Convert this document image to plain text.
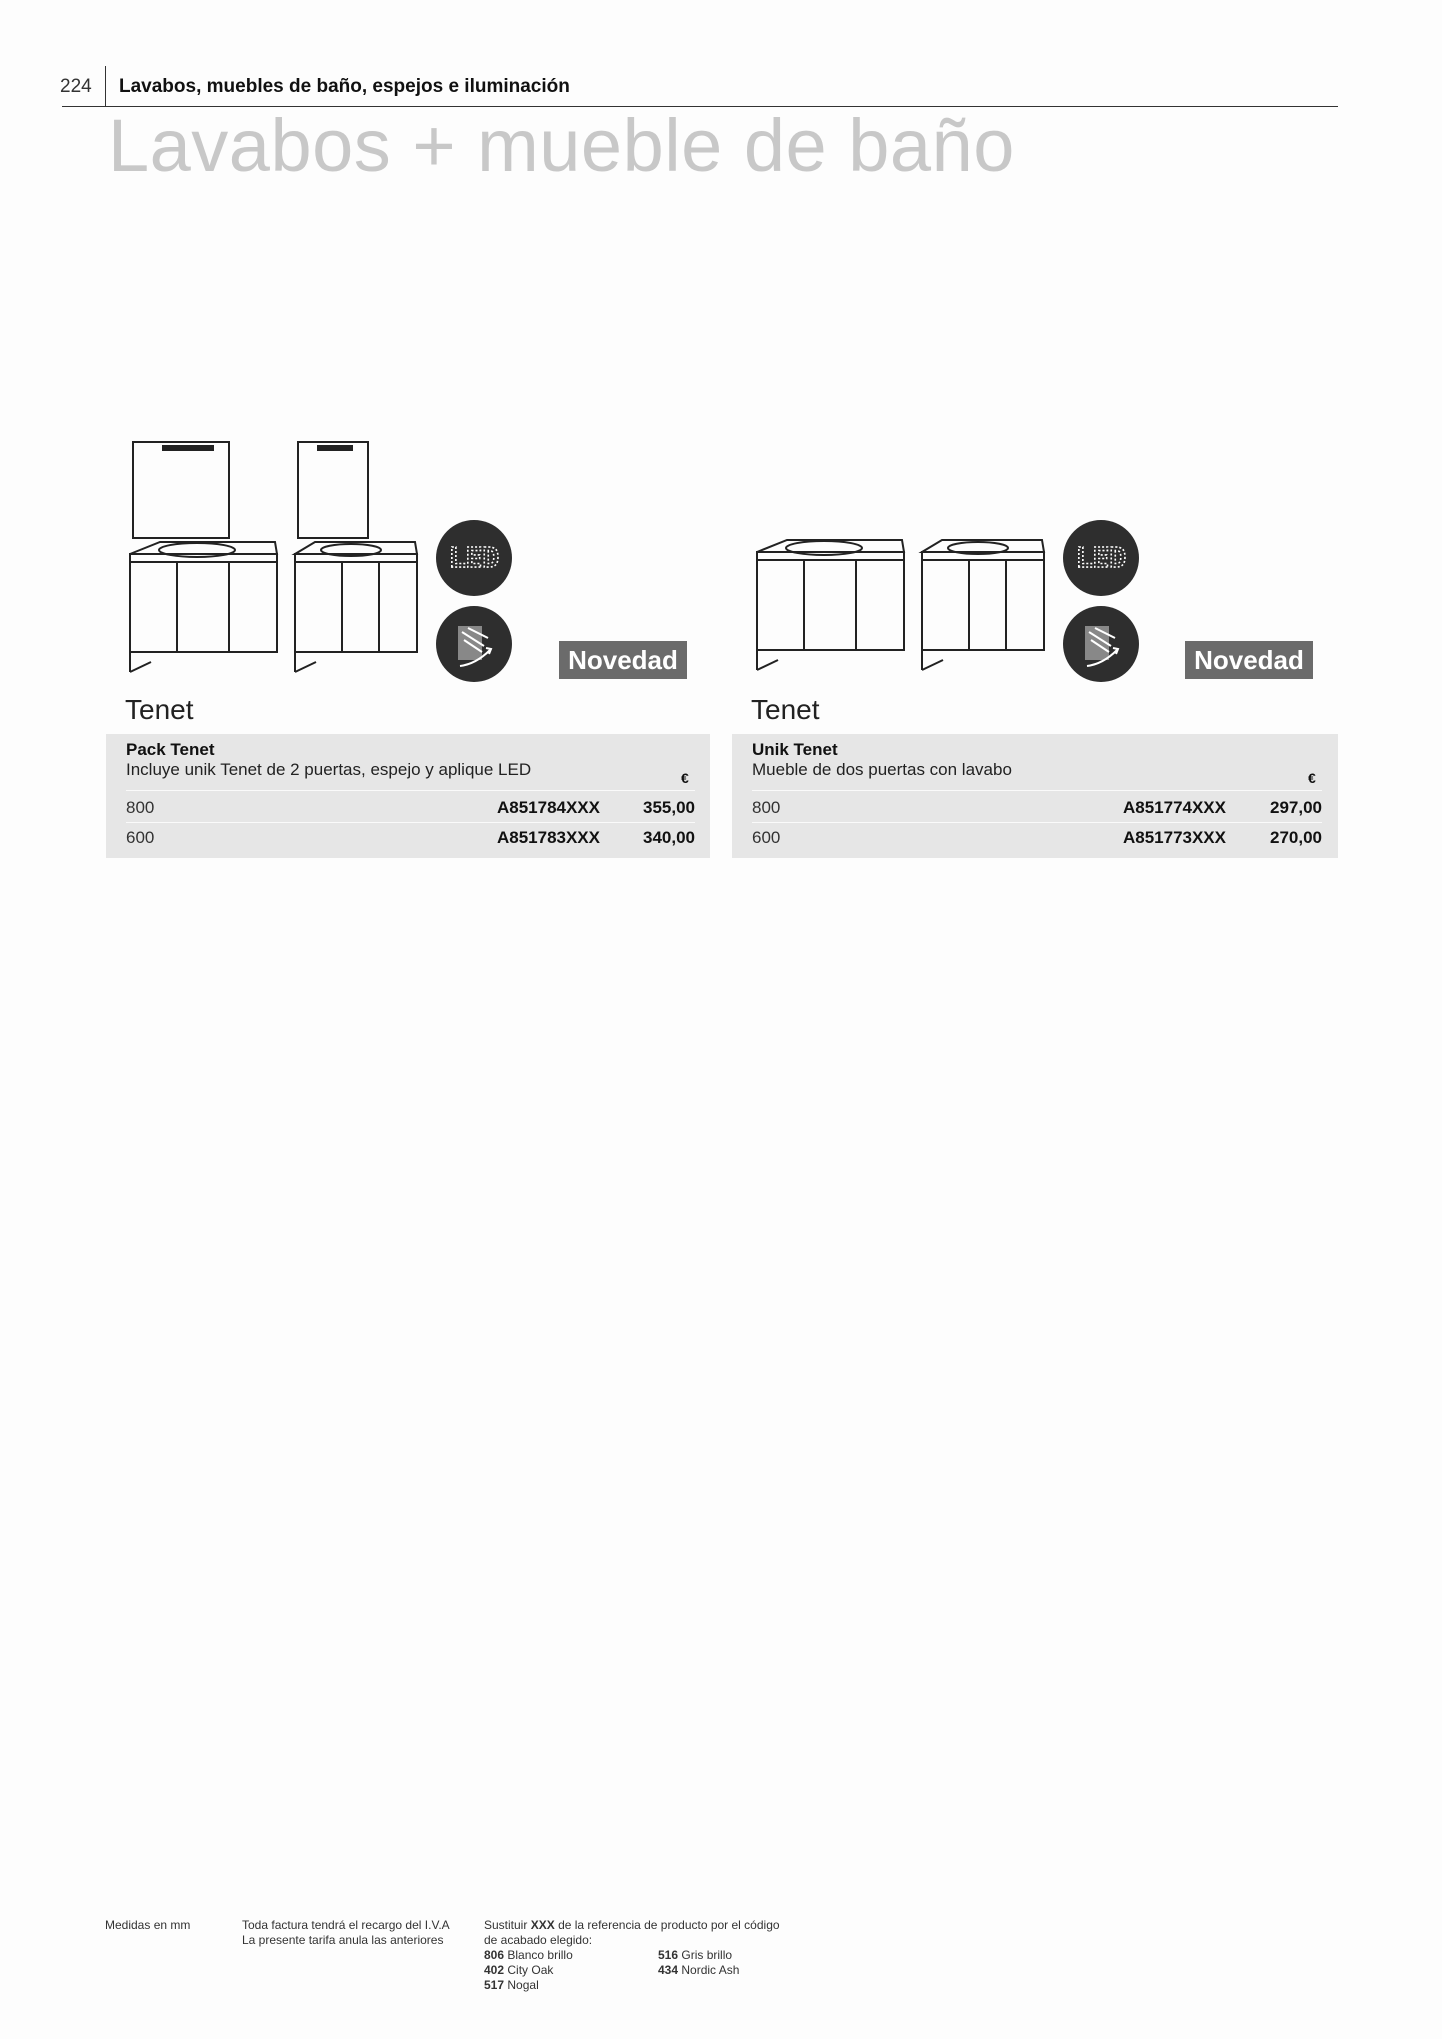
224 Lavabos, muebles de baño, espejos e iluminación
Lavabos + mueble de baño
LED
Novedad
Tenet
Pack Tenet
Incluye unik Tenet de 2 puertas, espejo y aplique LED	€
800	A851784XXX	355,00
600	A851783XXX	340,00
LED
Novedad
Tenet
Unik Tenet
Mueble de dos puertas con lavabo	€
800	A851774XXX	297,00
600	A851773XXX	270,00
Medidas en mm	Toda factura tendrá el recargo del I.V.A
La presente tarifa anula las anteriores
Sustituir XXX de la referencia de producto por el código
de acabado elegido:
806 Blanco brillo
402 City Oak
517 Nogal
516 Gris brillo
434 Nordic Ash
